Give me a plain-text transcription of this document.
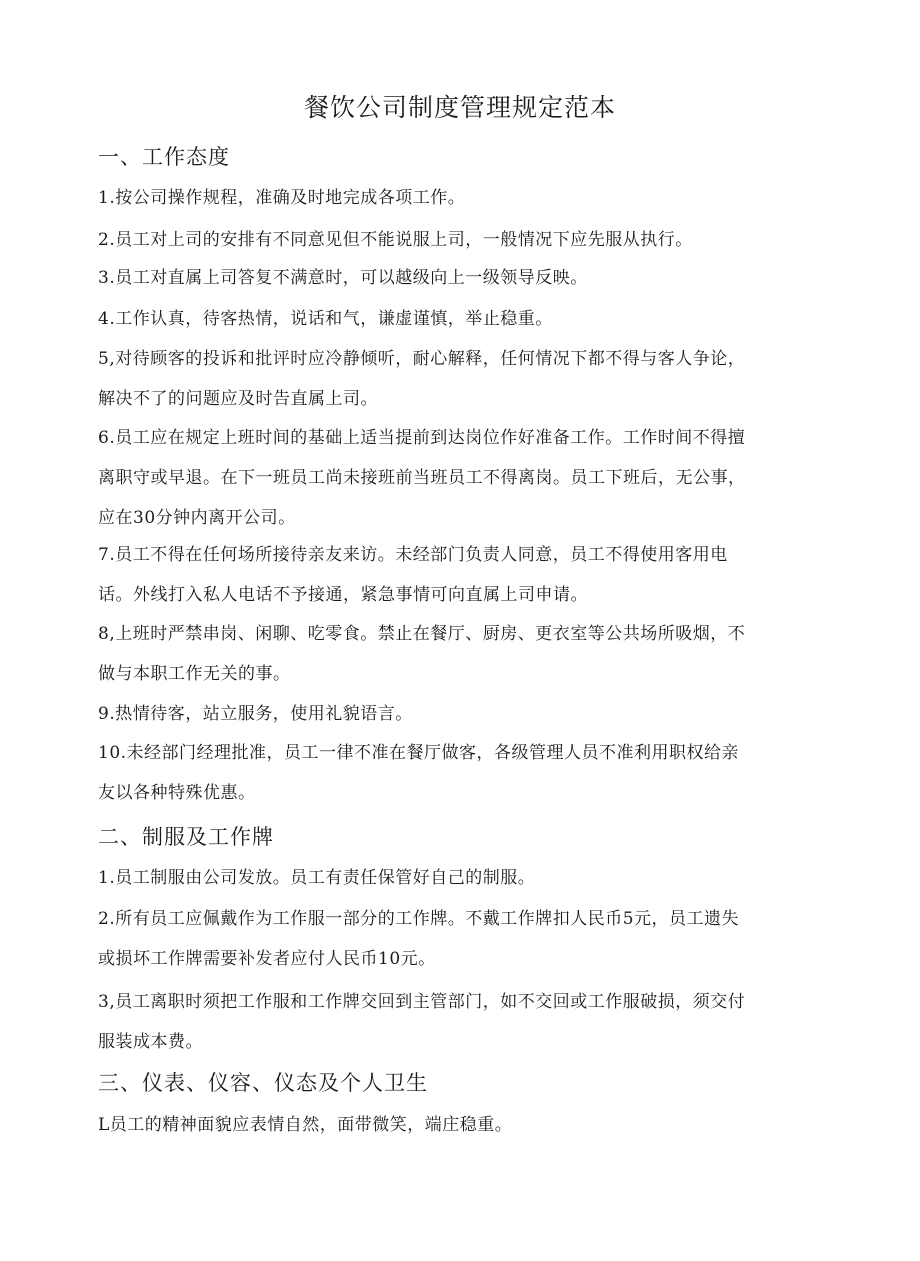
餐饮公司制度管理规定范本
一、工作态度

1.按公司操作规程，准确及时地完成各项工作。

2.员工对上司的安排有不同意见但不能说服上司，一般情况下应先服从执行。

3.员工对直属上司答复不满意时，可以越级向上一级领导反映。

4.工作认真，待客热情，说话和气，谦虚谨慎，举止稳重。

5,对待顾客的投诉和批评时应冷静倾听，耐心解释，任何情况下都不得与客人争论，

解决不了的问题应及时告直属上司。

6.员工应在规定上班时间的基础上适当提前到达岗位作好准备工作。工作时间不得擅

离职守或早退。在下一班员工尚未接班前当班员工不得离岗。员工下班后，无公事，

应在30分钟内离开公司。

7.员工不得在任何场所接待亲友来访。未经部门负责人同意，员工不得使用客用电

话。外线打入私人电话不予接通，紧急事情可向直属上司申请。

8,上班时严禁串岗、闲聊、吃零食。禁止在餐厅、厨房、更衣室等公共场所吸烟，不

做与本职工作无关的事。

9.热情待客，站立服务，使用礼貌语言。

10.未经部门经理批准，员工一律不准在餐厅做客，各级管理人员不准利用职权给亲

友以各种特殊优惠。

二、制服及工作牌

1.员工制服由公司发放。员工有责任保管好自己的制服。

2.所有员工应佩戴作为工作服一部分的工作牌。不戴工作牌扣人民币5元，员工遗失

或损坏工作牌需要补发者应付人民币10元。

3,员工离职时须把工作服和工作牌交回到主管部门，如不交回或工作服破损，须交付

服装成本费。

三、仪表、仪容、仪态及个人卫生

L员工的精神面貌应表情自然，面带微笑，端庄稳重。
